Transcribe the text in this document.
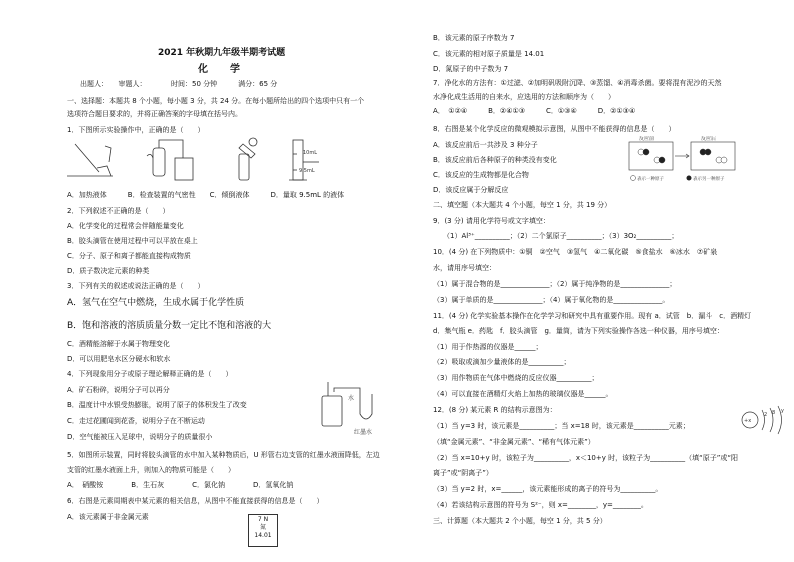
2021 年秋期九年级半期考试题
化学
出题人：　　审题人：　　　　时间：50 分钟　　　满分：65 分
一、选择题：本题共 8 个小题，每小题 3 分，共 24 分。在每小题所给出的四个选项中只有一个
选项符合题目要求的，并将正确答案的字母填在括号内。
1．下图所示实验操作中，正确的是（　　）
10mL
9.5mL
A．加热液体　　　B．检查装置的气密性　　C．倾倒液体　　　D．量取 9.5mL 的液体
2．下列叙述不正确的是（　　）
A．化学变化的过程常会伴随能量变化
B．胶头滴管在使用过程中可以平放在桌上
C．分子、原子和离子都能直接构成物质
D．质子数决定元素的种类
3．下列有关的叙述或说法正确的是（　　）
A．氢气在空气中燃烧，生成水属于化学性质
B．饱和溶液的溶质质量分数一定比不饱和溶液的大
C．酒精能溶解于水属于物理变化
D．可以用肥皂水区分硬水和软水
4．下列现象用分子或原子理论解释正确的是（　　）
A．矿石粉碎，说明分子可以再分
B．温度计中水银受热膨胀，说明了原子的体积发生了改变
C．走过花圃闻到花香，说明分子在不断运动
D．空气能被压入足球中，说明分子的质量很小
水
红墨水
5．如图所示装置，同时将胶头滴管的水中加入某种物质后，U 形管右边支管的红墨水液面降低，左边
支管的红墨水液面上升，则加入的物质可能是（　　）
A．　硝酸铵　　　　B．生石灰　　　　C．氯化钠　　　　D．氢氧化钠
6．右图是元素周期表中某元素的相关信息，从图中不能直接获得的信息是（　　）
A．该元素属于非金属元素	7 N
氮
14.01
B．该元素的原子序数为 7
C．该元素的相对原子质量是 14.01
D．氮原子的中子数为 7
7．净化水的方法有：①过滤、②加明矾吸附沉降、③蒸馏、④消毒杀菌。要将混有泥沙的天然
水净化成生活用的自来水，应选用的方法和顺序为（　　）
A．　①②④　　　B．②④①③　　　C．①③④　　　D．②①③④
8．右图是某个化学反应的微观模拟示意图，从图中不能获得的信息是（　　）
A．该反应前后一共涉及 3 种分子
B．该反应前后各种原子的种类没有变化
C．该反应的生成物都是化合物
D．该反应属于分解反应
反应前	反应后
表示一种原子	表示另一种原子
二、填空题（本大题共 4 个小题，每空 1 分，共 19 分）
9．(3 分) 请用化学符号或文字填空：
（1）Al³⁺__________；（2）二个氯原子__________；（3）3O₂__________；
10．(4 分) 在下列物质中：①铜　②空气　③氢气　④二氧化碳　⑤食盐水　⑥冰水　⑦矿泉
水，请用序号填空：
（1）属于混合物的是______________；（2）属于纯净物的是______________；
（3）属于单质的是______________；（4）属于氧化物的是______________。
11．(4 分) 化学实验基本操作在化学学习和研究中具有重要作用。现有 a．试管　b．漏斗　c．酒精灯
d．集气瓶 e．药匙　f．胶头滴管　g．量筒，请为下列实验操作各选一种仪器，用序号填空：
（1）用于作热源的仪器是______；
（2）吸取或滴加少量液体的是__________；
（3）用作物质在气体中燃烧的反应仪器__________；
（4）可以直接在酒精灯火焰上加热的玻璃仪器是______。
12．(8 分) 某元素 R 的结构示意图为：
+x
2 8 y
（1）当 y=3 时，该元素是__________；当 x=18 时，该元素是__________元素；
（填“金属元素”、“非金属元素”、“稀有气体元素”）
（2）当 x=10+y 时，该粒子为__________，x＜10+y 时，该粒子为__________（填“原子”或“阳
离子”或“阴离子”）
（3）当 y=2 时，x=______，该元素能形成的离子的符号为__________。
（4）若该结构示意图的符号为 S²⁻，则 x=________，y=________。
三、计算题（本大题共 2 个小题，每空 1 分，共 5 分）
